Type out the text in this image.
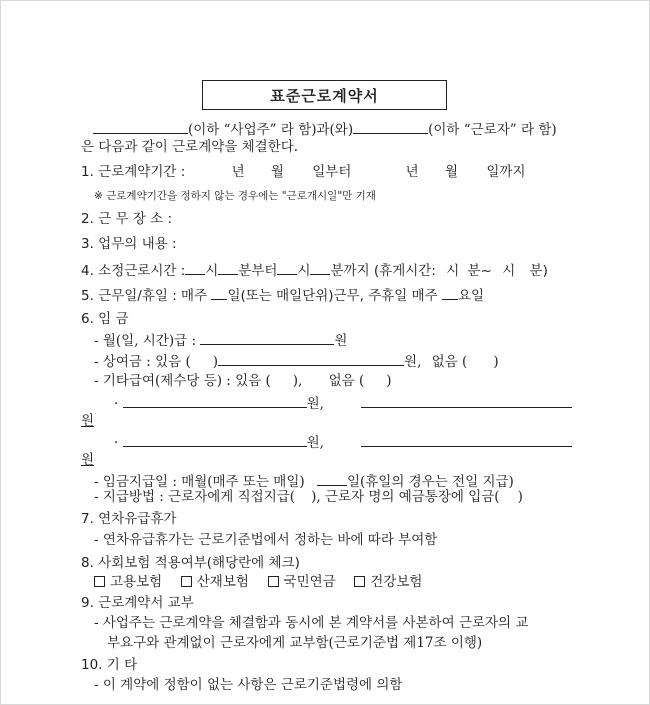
표준근로계약서
(이하 “사업주” 라 함)과(와)	(이하 “근로자” 라 함)
은 다음과 같이 근로계약을 체결한다.
1. 근로계약기간 :	년 월 일부터	년 월 일까지
※ 근로계약기간을 정하지 않는 경우에는 "근로개시일"만 기재
2. 근 무 장 소 :
3. 업무의 내용 :
4. 소정근로시간 : 시 분부터 시 분까지 (휴게시간: 시 분~ 시 분)
5. 근무일/휴일 : 매주 일(또는 매일단위)근무, 주휴일 매주 요일
6. 임 금
- 월(일, 시간)급 :	원
- 상여금 : 있음 ( )	원, 없음 ( )
- 기타급여(제수당 등) : 있음 ( ), 없음 ( )
·	원,
원
·	원,
원
- 임금지급일 : 매월(매주 또는 매일)	일(휴일의 경우는 전일 지급)
- 지급방법 : 근로자에게 직접지급( ), 근로자 명의 예금통장에 입금( )
7. 연차유급휴가
- 연차유급휴가는 근로기준법에서 정하는 바에 따라 부여함
8. 사회보험 적용여부(해당란에 체크)
고용보험	산재보험	국민연금	건강보험
9. 근로계약서 교부
- 사업주는 근로계약을 체결함과 동시에 본 계약서를 사본하여 근로자의 교
부요구와 관계없이 근로자에게 교부함(근로기준법 제17조 이행)
10. 기 타
- 이 계약에 정함이 없는 사항은 근로기준법령에 의함
